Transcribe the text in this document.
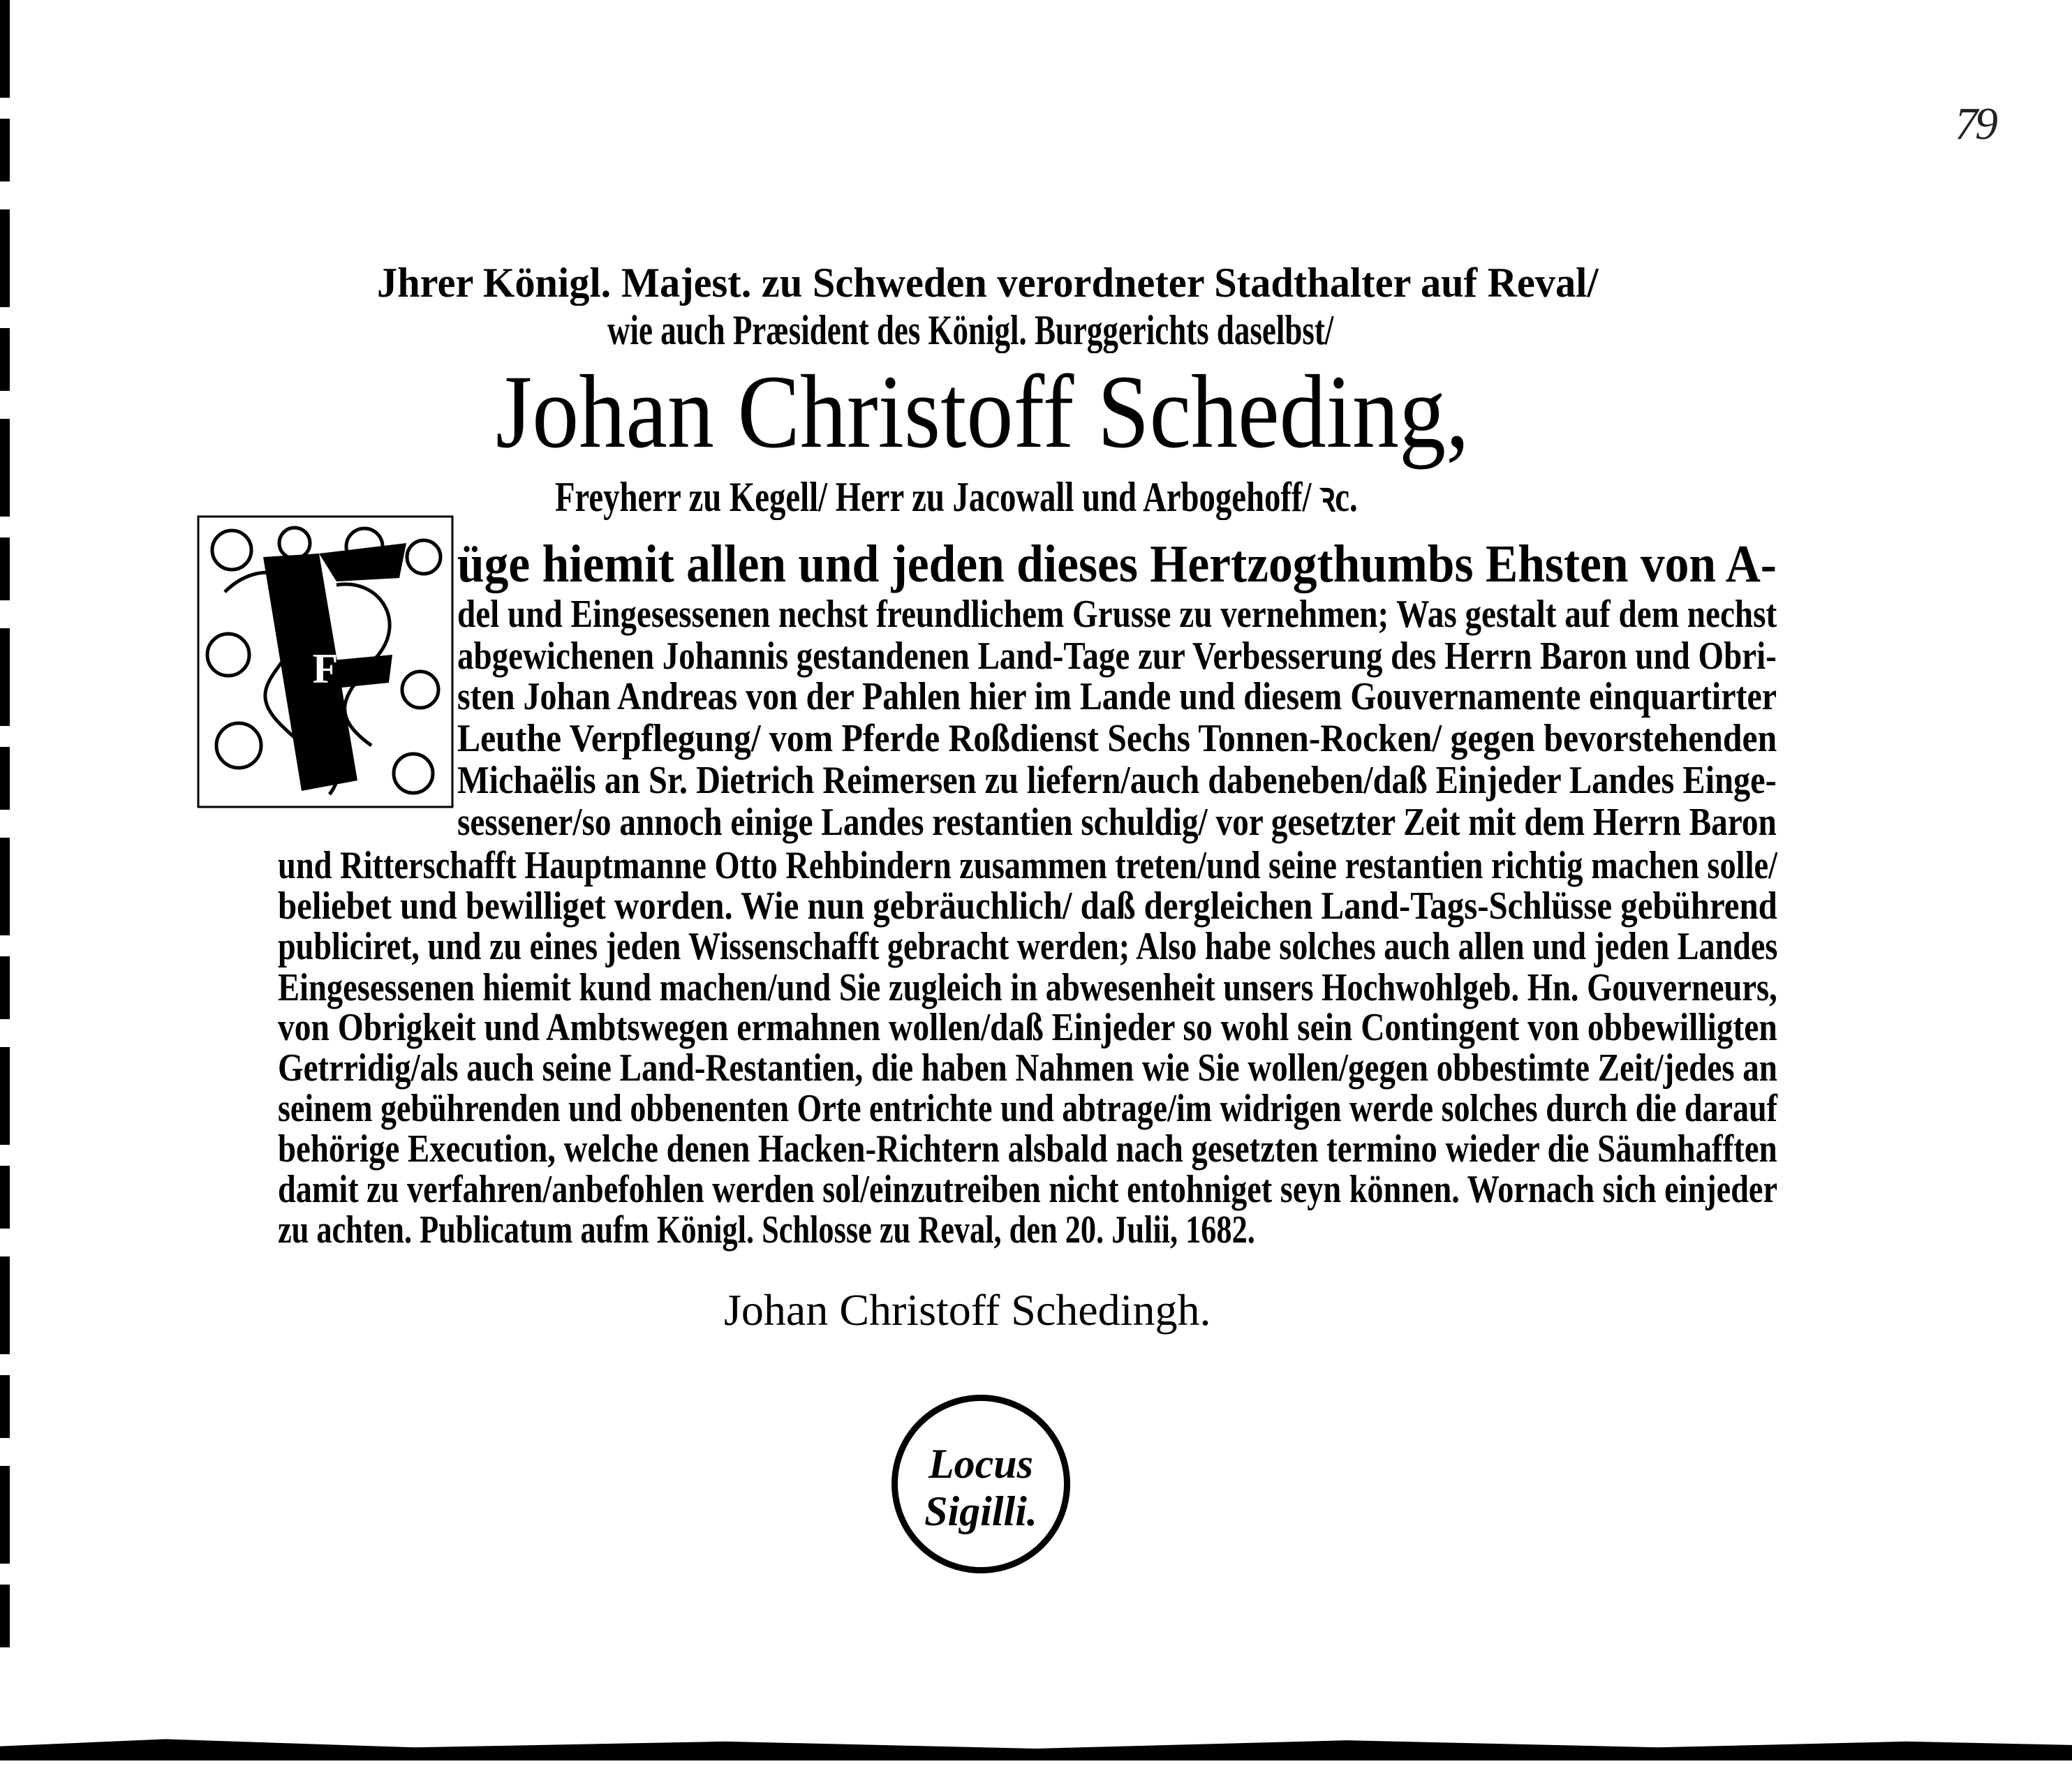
79
Jhrer Königl. Majest. zu Schweden verordneter Stadthalter auf Reval/
wie auch Præsident des Königl. Burggerichts daselbst/
Johan Christoff Scheding,
Freyherr zu Kegell/ Herr zu Jacowall und Arbogehoff/ ꝛc.
F
üge hiemit allen und jeden dieses Hertzogthumbs Ehsten von A-
del und Eingesessenen nechst freundlichem Grusse zu vernehmen; Was gestalt auf dem nechst
abgewichenen Johannis gestandenen Land-Tage zur Verbesserung des Herrn Baron und Obri-
sten Johan Andreas von der Pahlen hier im Lande und diesem Gouvernamente einquartirter
Leuthe Verpflegung/ vom Pferde Roßdienst Sechs Tonnen-Rocken/ gegen bevorstehenden
Michaëlis an Sr. Dietrich Reimersen zu liefern/auch dabeneben/daß Einjeder Landes Einge-
sessener/so annoch einige Landes restantien schuldig/ vor gesetzter Zeit mit dem Herrn Baron
und Ritterschafft Hauptmanne Otto Rehbindern zusammen treten/und seine restantien richtig machen solle/
beliebet und bewilliget worden. Wie nun gebräuchlich/ daß dergleichen Land-Tags-Schlüsse gebührend
publiciret, und zu eines jeden Wissenschafft gebracht werden; Also habe solches auch allen und jeden Landes
Eingesessenen hiemit kund machen/und Sie zugleich in abwesenheit unsers Hochwohlgeb. Hn. Gouverneurs,
von Obrigkeit und Ambtswegen ermahnen wollen/daß Einjeder so wohl sein Contingent von obbewilligten
Getrridig/als auch seine Land-Restantien, die haben Nahmen wie Sie wollen/gegen obbestimte Zeit/jedes an
seinem gebührenden und obbenenten Orte entrichte und abtrage/im widrigen werde solches durch die darauf
behörige Execution, welche denen Hacken-Richtern alsbald nach gesetzten termino wieder die Säumhafften
damit zu verfahren/anbefohlen werden sol/einzutreiben nicht entohniget seyn können. Wornach sich einjeder
zu achten. Publicatum aufm Königl. Schlosse zu Reval, den 20. Julii, 1682.
Johan Christoff Schedingh.
Locus
Sigilli.
